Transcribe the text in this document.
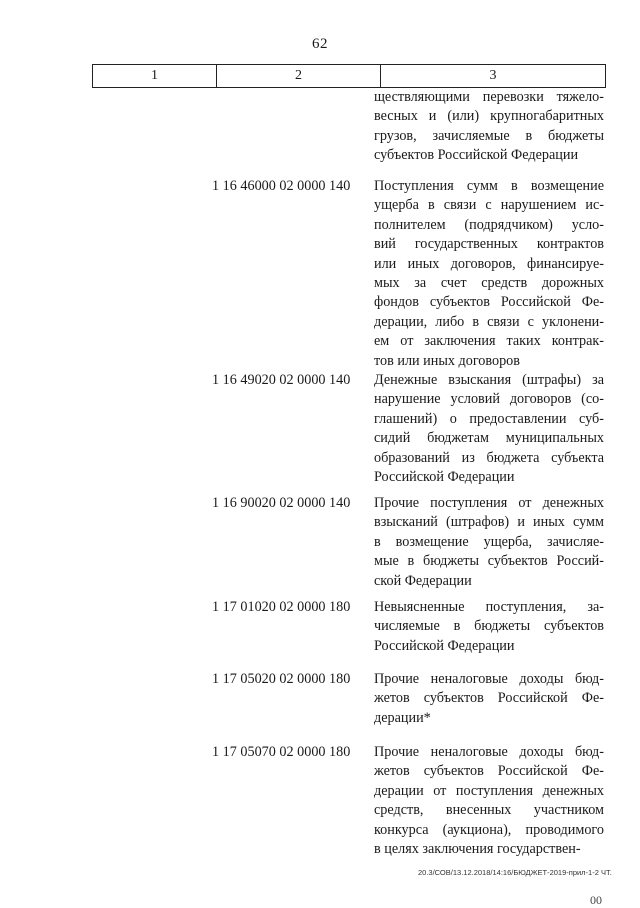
62
1	2	3
ществляющими перевозки тяжело-
весных и (или) крупногабаритных
грузов, зачисляемые в бюджеты
субъектов Российской Федерации
1 16 46000 02 0000 140	Поступления сумм в возмещение
ущерба в связи с нарушением ис-
полнителем (подрядчиком) усло-
вий государственных контрактов
или иных договоров, финансируе-
мых за счет средств дорожных
фондов субъектов Российской Фе-
дерации, либо в связи с уклонени-
ем от заключения таких контрак-
тов или иных договоров
1 16 49020 02 0000 140	Денежные взыскания (штрафы) за
нарушение условий договоров (со-
глашений) о предоставлении суб-
сидий бюджетам муниципальных
образований из бюджета субъекта
Российской Федерации
1 16 90020 02 0000 140	Прочие поступления от денежных
взысканий (штрафов) и иных сумм
в возмещение ущерба, зачисляе-
мые в бюджеты субъектов Россий-
ской Федерации
1 17 01020 02 0000 180	Невыясненные поступления, за-
числяемые в бюджеты субъектов
Российской Федерации
1 17 05020 02 0000 180	Прочие неналоговые доходы бюд-
жетов субъектов Российской Фе-
дерации*
1 17 05070 02 0000 180	Прочие неналоговые доходы бюд-
жетов субъектов Российской Фе-
дерации от поступления денежных
средств, внесенных участником
конкурса (аукциона), проводимого
в целях заключения государствен-
20.3/СОВ/13.12.2018/14:16/БЮДЖЕТ-2019-прил-1-2 ЧТ.
00
